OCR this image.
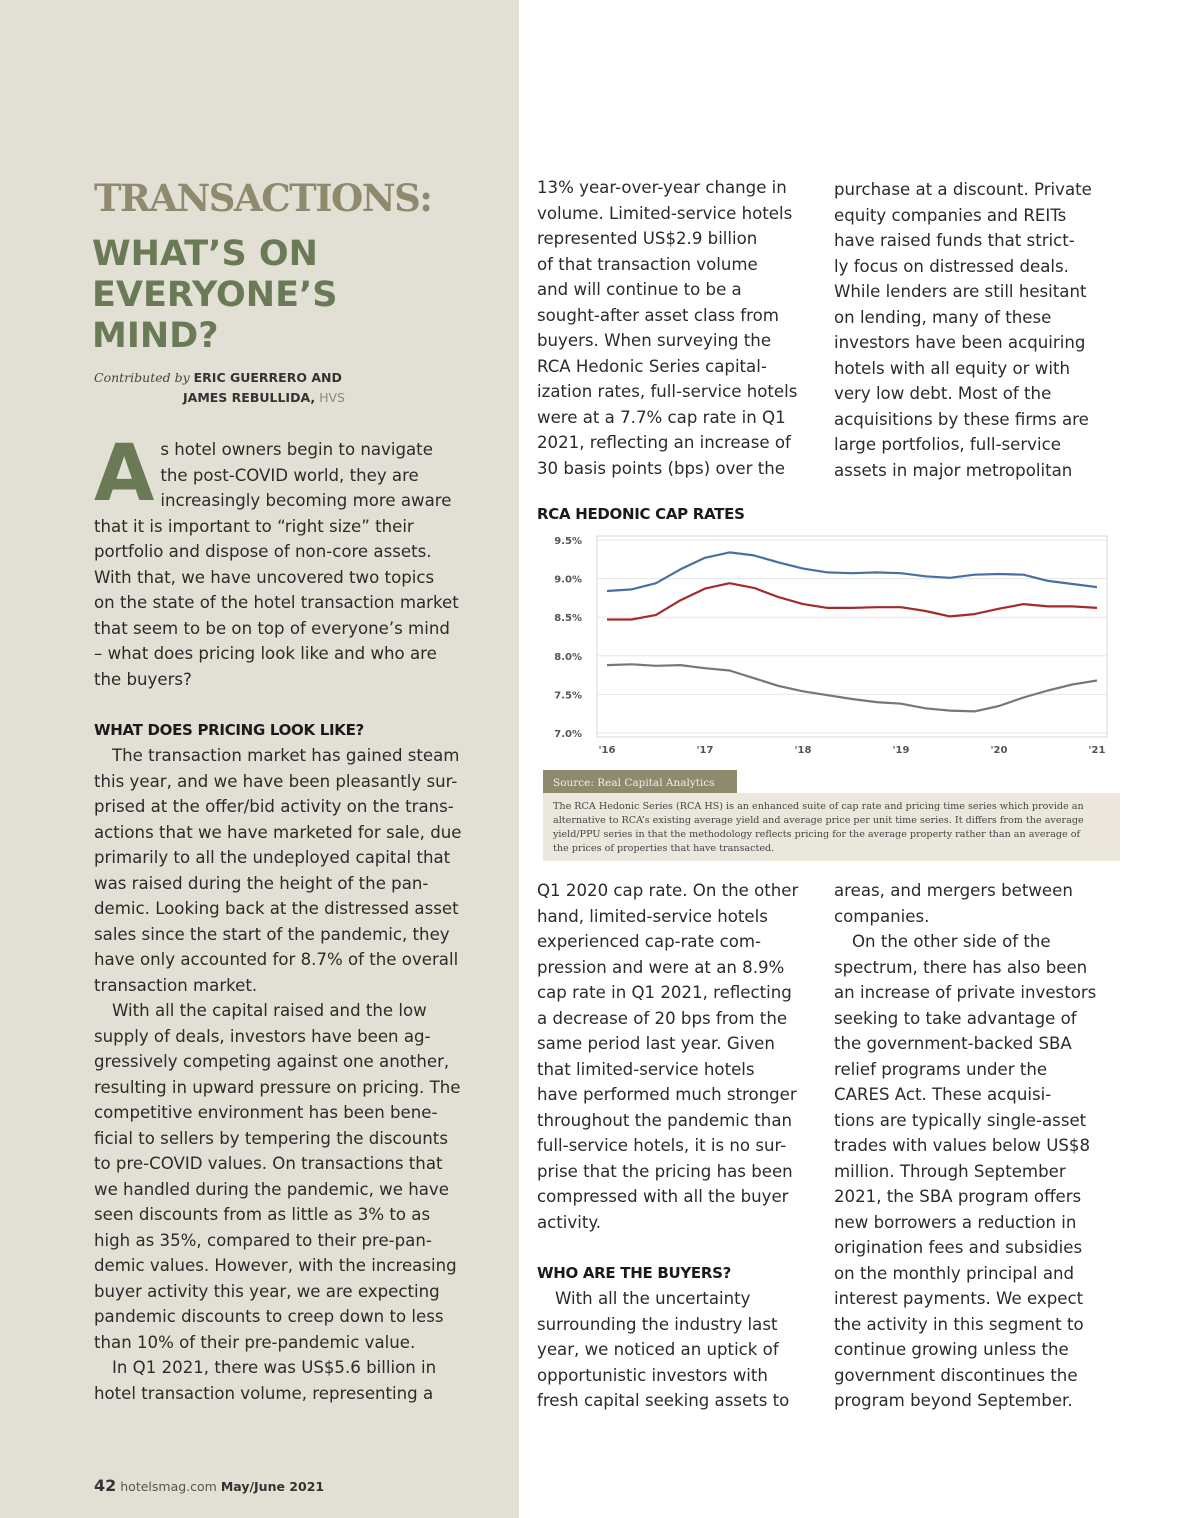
TRANSACTIONS:
WHAT’S ON
EVERYONE’S
MIND?
Contributed by ERIC GUERRERO AND
JAMES REBULLIDA, HVS
A s hotel owners begin to navigate
the post-COVID world, they are
increasingly becoming more aware
that it is important to “right size” their
portfolio and dispose of non-core assets.
With that, we have uncovered two topics
on the state of the hotel transaction market
that seem to be on top of everyone’s mind
– what does pricing look like and who are
the buyers?
WHAT DOES PRICING LOOK LIKE?
The transaction market has gained steam
this year, and we have been pleasantly sur-
prised at the offer/bid activity on the trans-
actions that we have marketed for sale, due
primarily to all the undeployed capital that
was raised during the height of the pan-
demic. Looking back at the distressed asset
sales since the start of the pandemic, they
have only accounted for 8.7% of the overall
transaction market.
With all the capital raised and the low
supply of deals, investors have been ag-
gressively competing against one another,
resulting in upward pressure on pricing. The
competitive environment has been bene-
ficial to sellers by tempering the discounts
to pre-COVID values. On transactions that
we handled during the pandemic, we have
seen discounts from as little as 3% to as
high as 35%, compared to their pre-pan-
demic values. However, with the increasing
buyer activity this year, we are expecting
pandemic discounts to creep down to less
than 10% of their pre-pandemic value.
In Q1 2021, there was US$5.6 billion in
hotel transaction volume, representing a
13% year-over-year change in
volume. Limited-service hotels
represented US$2.9 billion
of that transaction volume
and will continue to be a
sought-after asset class from
buyers. When surveying the
RCA Hedonic Series capital-
ization rates, full-service hotels
were at a 7.7% cap rate in Q1
2021, reflecting an increase of
30 basis points (bps) over the
purchase at a discount. Private
equity companies and REITs
have raised funds that strict-
ly focus on distressed deals.
While lenders are still hesitant
on lending, many of these
investors have been acquiring
hotels with all equity or with
very low debt. Most of the
acquisitions by these firms are
large portfolios, full-service
assets in major metropolitan
RCA HEDONIC CAP RATES
9.5%
9.0%
8.5%
8.0%
7.5%
7.0%
'16	'17	'18	'19	'20	'21
Source: Real Capital Analytics
The RCA Hedonic Series (RCA HS) is an enhanced suite of cap rate and pricing time series which provide an
alternative to RCA’s existing average yield and average price per unit time series. It differs from the average
yield/PPU series in that the methodology reflects pricing for the average property rather than an average of
the prices of properties that have transacted.
Q1 2020 cap rate. On the other
hand, limited-service hotels
experienced cap-rate com-
pression and were at an 8.9%
cap rate in Q1 2021, reflecting
a decrease of 20 bps from the
same period last year. Given
that limited-service hotels
have performed much stronger
throughout the pandemic than
full-service hotels, it is no sur-
prise that the pricing has been
compressed with all the buyer
activity.
WHO ARE THE BUYERS?
With all the uncertainty
surrounding the industry last
year, we noticed an uptick of
opportunistic investors with
fresh capital seeking assets to
areas, and mergers between
companies.
On the other side of the
spectrum, there has also been
an increase of private investors
seeking to take advantage of
the government-backed SBA
relief programs under the
CARES Act. These acquisi-
tions are typically single-asset
trades with values below US$8
million. Through September
2021, the SBA program offers
new borrowers a reduction in
origination fees and subsidies
on the monthly principal and
interest payments. We expect
the activity in this segment to
continue growing unless the
government discontinues the
program beyond September.
42 hotelsmag.com May/June 2021
